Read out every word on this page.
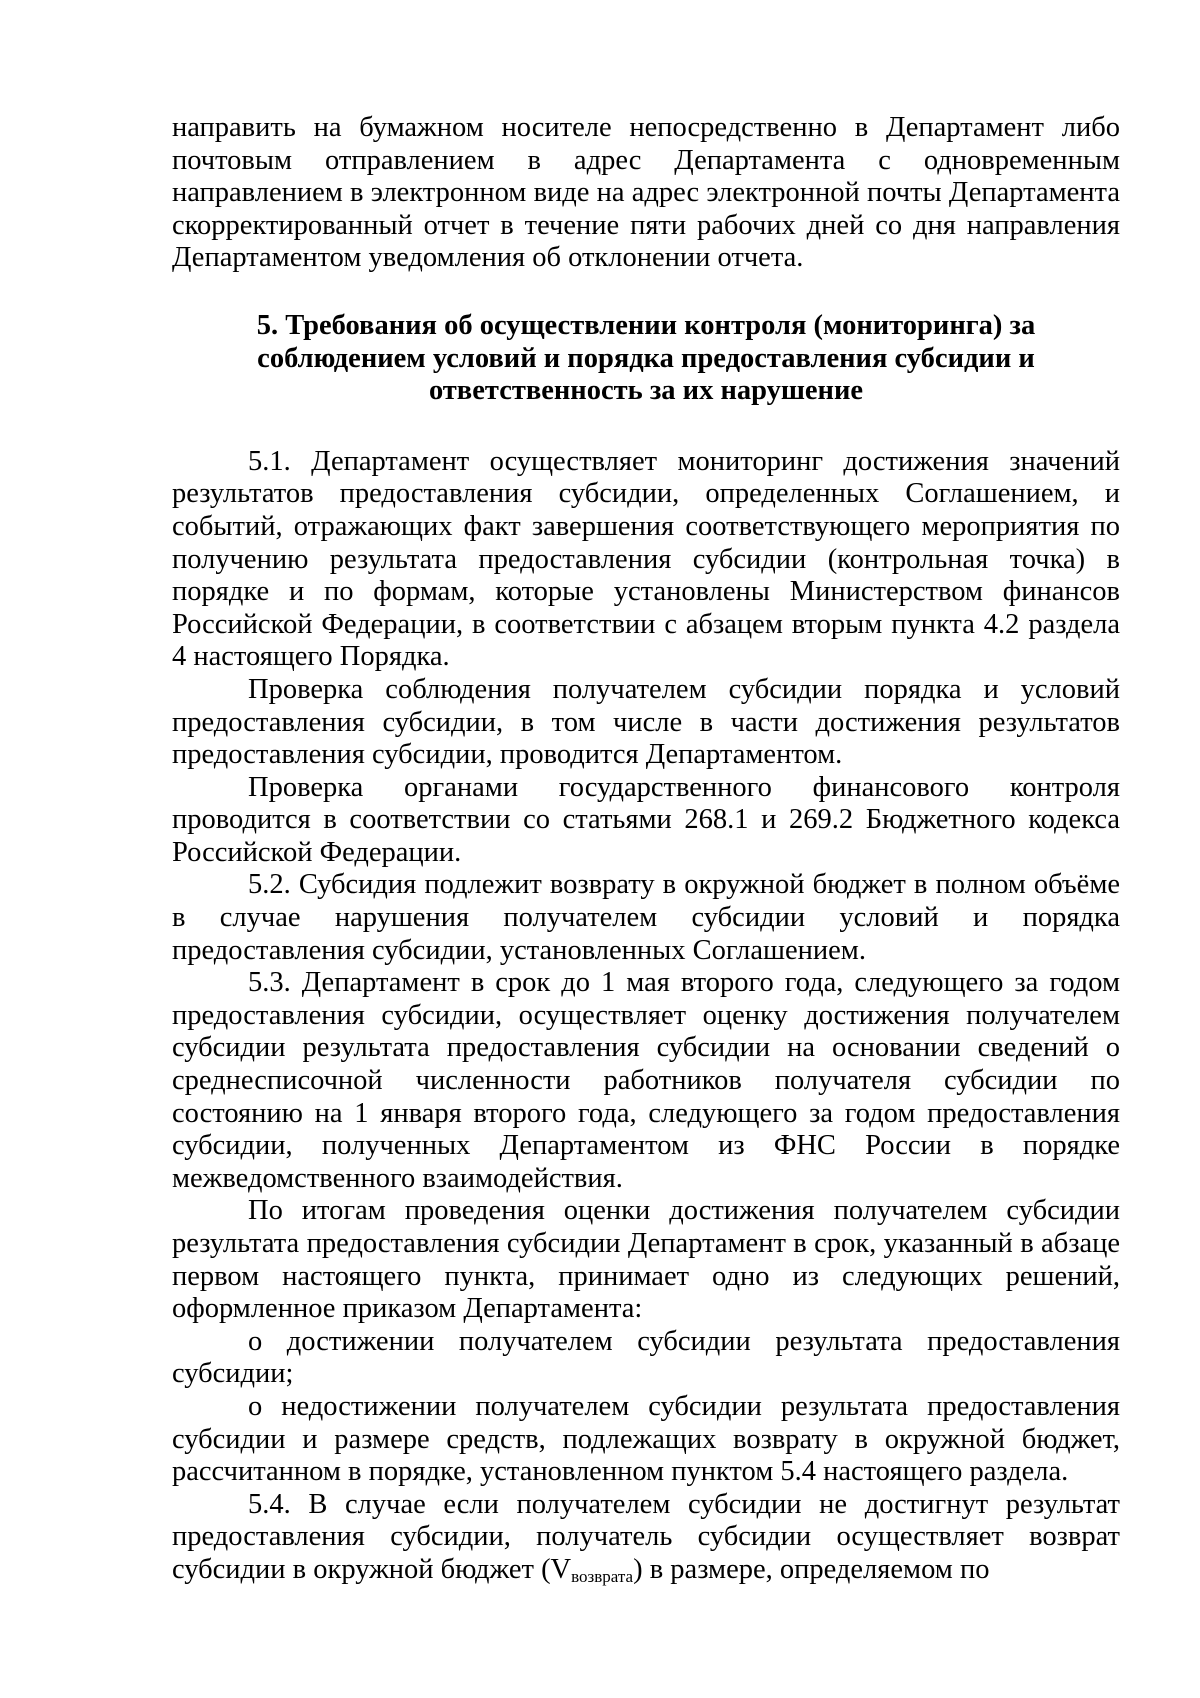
направить на бумажном носителе непосредственно в Департамент либо почтовым отправлением в адрес Департамента с одновременным направлением в электронном виде на адрес электронной почты Департамента скорректированный отчет в течение пяти рабочих дней со дня направления Департаментом уведомления об отклонении отчета.

5. Требования об осуществлении контроля (мониторинга) за
соблюдением условий и порядка предоставления субсидии и
ответственность за их нарушение

5.1. Департамент осуществляет мониторинг достижения значений результатов предоставления субсидии, определенных Соглашением, и событий, отражающих факт завершения соответствующего мероприятия по получению результата предоставления субсидии (контрольная точка) в порядке и по формам, которые установлены Министерством финансов Российской Федерации, в соответствии с абзацем вторым пункта 4.2 раздела 4 настоящего Порядка.

Проверка соблюдения получателем субсидии порядка и условий предоставления субсидии, в том числе в части достижения результатов предоставления субсидии, проводится Департаментом.

Проверка органами государственного финансового контроля проводится в соответствии со статьями 268.1 и 269.2 Бюджетного кодекса Российской Федерации.

5.2. Субсидия подлежит возврату в окружной бюджет в полном объёме в случае нарушения получателем субсидии условий и порядка предоставления субсидии, установленных Соглашением.

5.3. Департамент в срок до 1 мая второго года, следующего за годом предоставления субсидии, осуществляет оценку достижения получателем субсидии результата предоставления субсидии на основании сведений о среднесписочной численности работников получателя субсидии по состоянию на 1 января второго года, следующего за годом предоставления субсидии, полученных Департаментом из ФНС России в порядке межведомственного взаимодействия.

По итогам проведения оценки достижения получателем субсидии результата предоставления субсидии Департамент в срок, указанный в абзаце первом настоящего пункта, принимает одно из следующих решений, оформленное приказом Департамента:

о достижении получателем субсидии результата предоставления субсидии;

о недостижении получателем субсидии результата предоставления субсидии и размере средств, подлежащих возврату в окружной бюджет, рассчитанном в порядке, установленном пунктом 5.4 настоящего раздела.

5.4. В случае если получателем субсидии не достигнут результат предоставления субсидии, получатель субсидии осуществляет возврат субсидии в окружной бюджет $(V_{возврата})$ в размере, определяемом по
